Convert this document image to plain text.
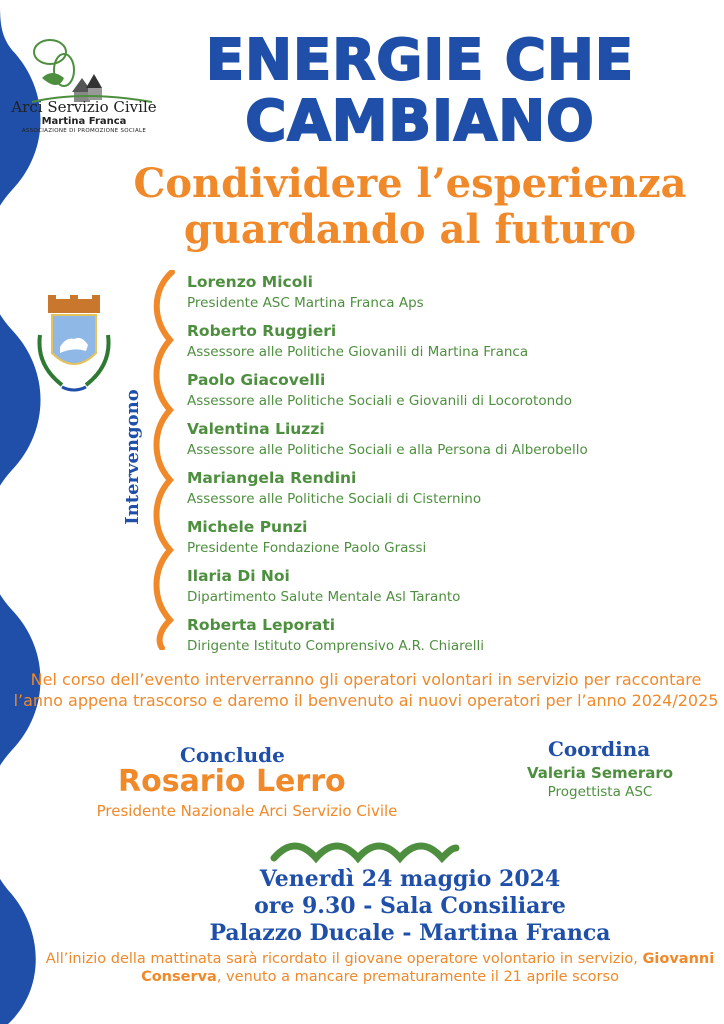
Arci Servizio Civile
Martina Franca
ASSOCIAZIONE DI PROMOZIONE SOCIALE
ENERGIE CHE
CAMBIANO
Condividere l’esperienza
guardando al futuro
Intervengono

Lorenzo Micoli

Presidente ASC Martina Franca Aps

Roberto Ruggieri

Assessore alle Politiche Giovanili di Martina Franca

Paolo Giacovelli

Assessore alle Politiche Sociali e Giovanili di Locorotondo

Valentina Liuzzi

Assessore alle Politiche Sociali e alla Persona di Alberobello

Mariangela Rendini

Assessore alle Politiche Sociali di Cisternino

Michele Punzi

Presidente Fondazione Paolo Grassi

Ilaria Di Noi

Dipartimento Salute Mentale Asl Taranto

Roberta Leporati

Dirigente Istituto Comprensivo A.R. Chiarelli

Nel corso dell’evento interverranno gli operatori volontari in servizio per raccontare l’anno appena trascorso e daremo il benvenuto ai nuovi operatori per l’anno 2024/2025
Conclude
Rosario Lerro
Presidente Nazionale Arci Servizio Civile
Coordina
Valeria Semeraro
Progettista ASC
Venerdì 24 maggio 2024
ore 9.30 - Sala Consiliare
Palazzo Ducale - Martina Franca
All’inizio della mattinata sarà ricordato il giovane operatore volontario in servizio, Giovanni Conserva, venuto a mancare prematuramente il 21 aprile scorso
